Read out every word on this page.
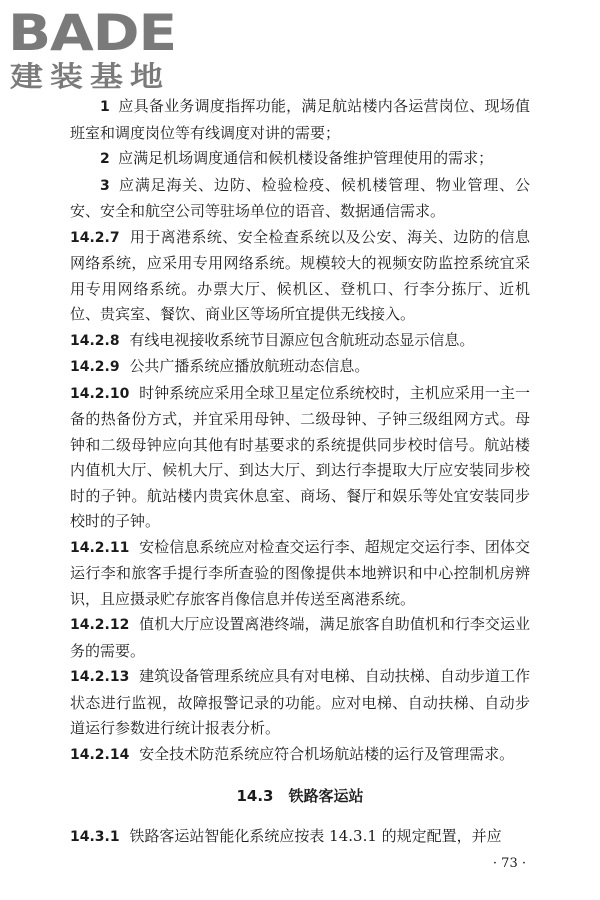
BADE
建装基地

1 应具备业务调度指挥功能，满足航站楼内各运营岗位、现场值班室和调度岗位等有线调度对讲的需要；

2 应满足机场调度通信和候机楼设备维护管理使用的需求；

3 应满足海关、边防、检验检疫、候机楼管理、物业管理、公安、安全和航空公司等驻场单位的语音、数据通信需求。

14.2.7 用于离港系统、安全检查系统以及公安、海关、边防的信息网络系统，应采用专用网络系统。规模较大的视频安防监控系统宜采用专用网络系统。办票大厅、候机区、登机口、行李分拣厅、近机位、贵宾室、餐饮、商业区等场所宜提供无线接入。

14.2.8 有线电视接收系统节目源应包含航班动态显示信息。

14.2.9 公共广播系统应播放航班动态信息。

14.2.10 时钟系统应采用全球卫星定位系统校时，主机应采用一主一备的热备份方式，并宜采用母钟、二级母钟、子钟三级组网方式。母钟和二级母钟应向其他有时基要求的系统提供同步校时信号。航站楼内值机大厅、候机大厅、到达大厅、到达行李提取大厅应安装同步校时的子钟。航站楼内贵宾休息室、商场、餐厅和娱乐等处宜安装同步校时的子钟。

14.2.11 安检信息系统应对检查交运行李、超规定交运行李、团体交运行李和旅客手提行李所查验的图像提供本地辨识和中心控制机房辨识，且应摄录贮存旅客肖像信息并传送至离港系统。

14.2.12 值机大厅应设置离港终端，满足旅客自助值机和行李交运业务的需要。

14.2.13 建筑设备管理系统应具有对电梯、自动扶梯、自动步道工作状态进行监视，故障报警记录的功能。应对电梯、自动扶梯、自动步道运行参数进行统计报表分析。

14.2.14 安全技术防范系统应符合机场航站楼的运行及管理需求。

14.3 铁路客运站

14.3.1 铁路客运站智能化系统应按表 14.3.1 的规定配置，并应

· 73 ·
